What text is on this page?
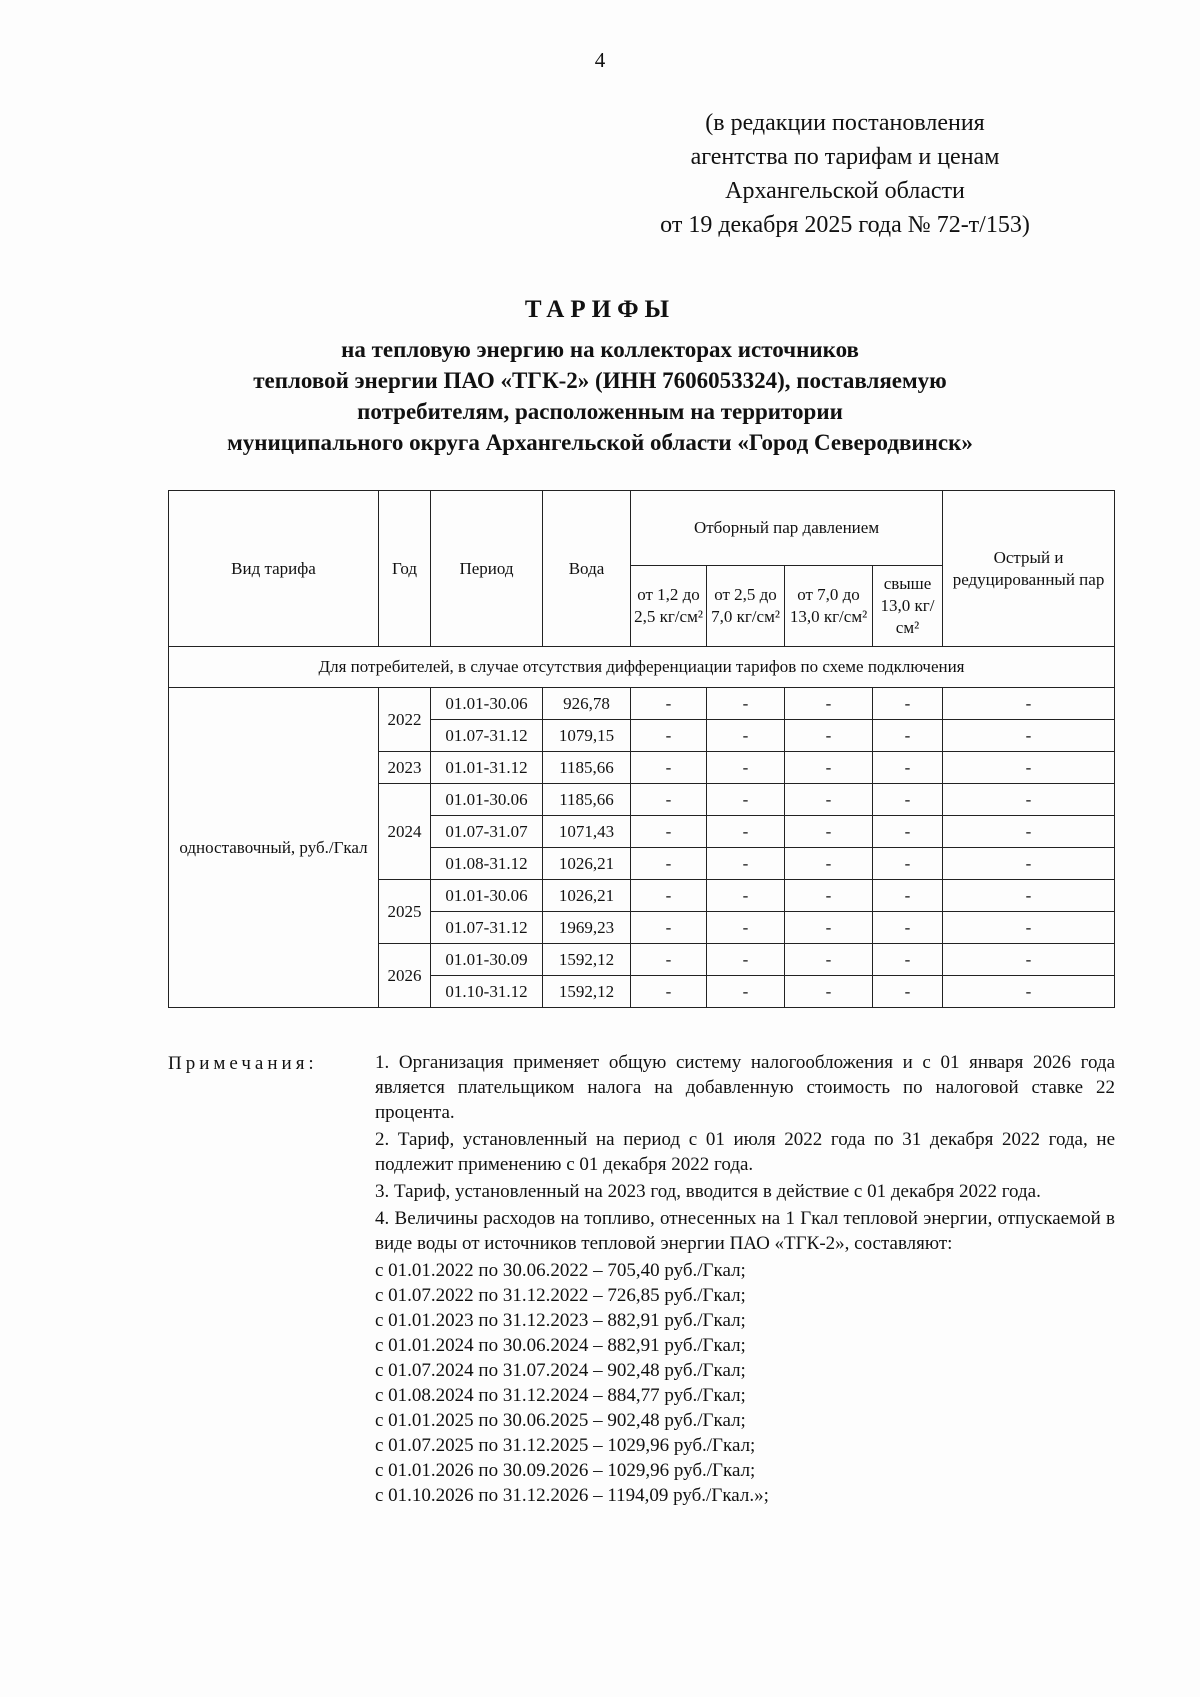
4
(в редакции постановления
агентства по тарифам и ценам
Архангельской области
от 19 декабря 2025 года № 72-т/153)
ТАРИФЫ
на тепловую энергию на коллекторах источников
тепловой энергии ПАО «ТГК-2» (ИНН 7606053324), поставляемую
потребителям, расположенным на территории
муниципального округа Архангельской области «Город Северодвинск»
Вид тарифа	Год	Период	Вода	Отборный пар давлением				Острый и редуцированный пар
				от 1,2 до 2,5 кг/см²	от 2,5 до 7,0 кг/см²	от 7,0 до 13,0 кг/см²	свыше 13,0 кг/см²	
Для потребителей, в случае отсутствия дифференциации тарифов по схеме подключения								
одноставочный, руб./Гкал	2022	01.01-30.06	926,78	-	-	-	-	-
		01.07-31.12	1079,15	-	-	-	-	-
	2023	01.01-31.12	1185,66	-	-	-	-	-
	2024	01.01-30.06	1185,66	-	-	-	-	-
		01.07-31.07	1071,43	-	-	-	-	-
		01.08-31.12	1026,21	-	-	-	-	-
	2025	01.01-30.06	1026,21	-	-	-	-	-
		01.07-31.12	1969,23	-	-	-	-	-
	2026	01.01-30.09	1592,12	-	-	-	-	-
		01.10-31.12	1592,12	-	-	-	-	-
Примечания:	1. Организация применяет общую систему налогообложения и с 01 января 2026 года является плательщиком налога на добавленную стоимость по налоговой ставке 22 процента.

2. Тариф, установленный на период с 01 июля 2022 года по 31 декабря 2022 года, не подлежит применению с 01 декабря 2022 года.

3. Тариф, установленный на 2023 год, вводится в действие с 01 декабря 2022 года.

4. Величины расходов на топливо, отнесенных на 1 Гкал тепловой энергии, отпускаемой в виде воды от источников тепловой энергии ПАО «ТГК-2», составляют:

с 01.01.2022 по 30.06.2022 – 705,40 руб./Гкал;
с 01.07.2022 по 31.12.2022 – 726,85 руб./Гкал;
с 01.01.2023 по 31.12.2023 – 882,91 руб./Гкал;
с 01.01.2024 по 30.06.2024 – 882,91 руб./Гкал;
с 01.07.2024 по 31.07.2024 – 902,48 руб./Гкал;
с 01.08.2024 по 31.12.2024 – 884,77 руб./Гкал;
с 01.01.2025 по 30.06.2025 – 902,48 руб./Гкал;
с 01.07.2025 по 31.12.2025 – 1029,96 руб./Гкал;
с 01.01.2026 по 30.09.2026 – 1029,96 руб./Гкал;
с 01.10.2026 по 31.12.2026 – 1194,09 руб./Гкал.»;
